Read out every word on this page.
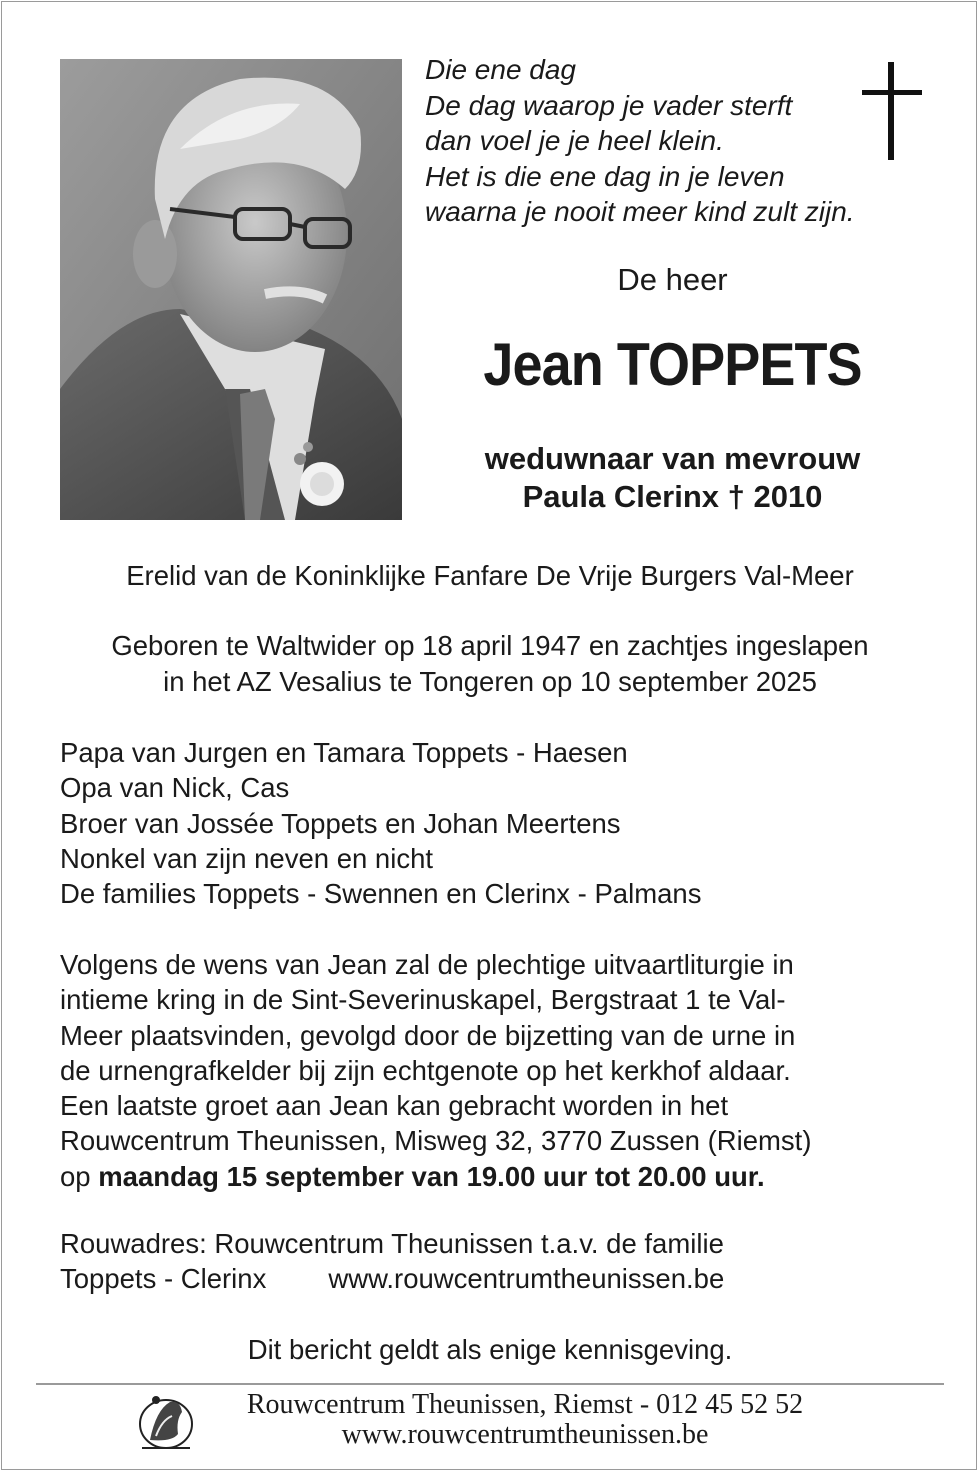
Die ene dag
De dag waarop je vader sterft
dan voel je je heel klein.
Het is die ene dag in je leven
waarna je nooit meer kind zult zijn.
De heer
Jean TOPPETS
weduwnaar van mevrouw
Paula Clerinx † 2010
Erelid van de Koninklijke Fanfare De Vrije Burgers Val-Meer
Geboren te Waltwider op 18 april 1947 en zachtjes ingeslapen
in het AZ Vesalius te Tongeren op 10 september 2025
Papa van Jurgen en Tamara Toppets - Haesen
Opa van Nick, Cas
Broer van Jossée Toppets en Johan Meertens
Nonkel van zijn neven en nicht
De families Toppets - Swennen en Clerinx - Palmans
Volgens de wens van Jean zal de plechtige uitvaartliturgie in
intieme kring in de Sint-Severinuskapel, Bergstraat 1 te Val-
Meer plaatsvinden, gevolgd door de bijzetting van de urne in
de urnengrafkelder bij zijn echtgenote op het kerkhof aldaar.
Een laatste groet aan Jean kan gebracht worden in het
Rouwcentrum Theunissen, Misweg 32, 3770 Zussen (Riemst)
op maandag 15 september van 19.00 uur tot 20.00 uur.
Rouwadres: Rouwcentrum Theunissen t.a.v. de familie
Toppets - Clerinx www.rouwcentrumtheunissen.be
Dit bericht geldt als enige kennisgeving.
Rouwcentrum Theunissen, Riemst - 012 45 52 52
www.rouwcentrumtheunissen.be
